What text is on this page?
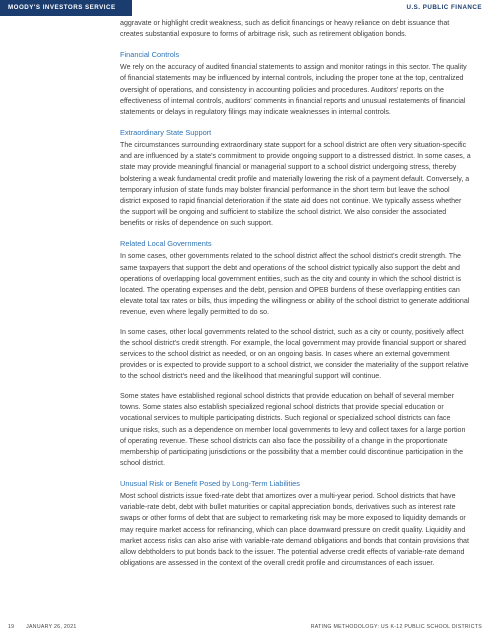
MOODY'S INVESTORS SERVICE	U.S. PUBLIC FINANCE

aggravate or highlight credit weakness, such as deficit financings or heavy reliance on debt issuance that creates substantial exposure to forms of arbitrage risk, such as retirement obligation bonds.

Financial Controls

We rely on the accuracy of audited financial statements to assign and monitor ratings in this sector. The quality of financial statements may be influenced by internal controls, including the proper tone at the top, centralized oversight of operations, and consistency in accounting policies and procedures. Auditors' reports on the effectiveness of internal controls, auditors' comments in financial reports and unusual restatements of financial statements or delays in regulatory filings may indicate weaknesses in internal controls.

Extraordinary State Support

The circumstances surrounding extraordinary state support for a school district are often very situation-specific and are influenced by a state's commitment to provide ongoing support to a distressed district. In some cases, a state may provide meaningful financial or managerial support to a school district undergoing stress, thereby bolstering a weak fundamental credit profile and materially lowering the risk of a payment default. Conversely, a temporary infusion of state funds may bolster financial performance in the short term but leave the school district exposed to rapid financial deterioration if the state aid does not continue. We typically assess whether the support will be ongoing and sufficient to stabilize the school district. We also consider the associated benefits or risks of dependence on such support.

Related Local Governments

In some cases, other governments related to the school district affect the school district's credit strength. The same taxpayers that support the debt and operations of the school district typically also support the debt and operations of overlapping local government entities, such as the city and county in which the school district is located. The operating expenses and the debt, pension and OPEB burdens of these overlapping entities can elevate total tax rates or bills, thus impeding the willingness or ability of the school district to generate additional revenue, even where legally permitted to do so.

In some cases, other local governments related to the school district, such as a city or county, positively affect the school district's credit strength. For example, the local government may provide financial support or shared services to the school district as needed, or on an ongoing basis. In cases where an external government provides or is expected to provide support to a school district, we consider the materiality of the support relative to the school district's need and the likelihood that meaningful support will continue.

Some states have established regional school districts that provide education on behalf of several member towns. Some states also establish specialized regional school districts that provide special education or vocational services to multiple participating districts. Such regional or specialized school districts can face unique risks, such as a dependence on member local governments to levy and collect taxes for a large portion of operating revenue. These school districts can also face the possibility of a change in the proportionate membership of participating jurisdictions or the possibility that a member could discontinue participation in the school district.

Unusual Risk or Benefit Posed by Long-Term Liabilities

Most school districts issue fixed-rate debt that amortizes over a multi-year period. School districts that have variable-rate debt, debt with bullet maturities or capital appreciation bonds, derivatives such as interest rate swaps or other forms of debt that are subject to remarketing risk may be more exposed to liquidity demands or may require market access for refinancing, which can place downward pressure on credit quality. Liquidity and market access risks can also arise with variable-rate demand obligations and bonds that contain provisions that allow debtholders to put bonds back to the issuer. The potential adverse credit effects of variable-rate demand obligations are assessed in the context of the overall credit profile and circumstances of each issuer.

19 JANUARY 26, 2021	RATING METHODOLOGY: US K-12 PUBLIC SCHOOL DISTRICTS
